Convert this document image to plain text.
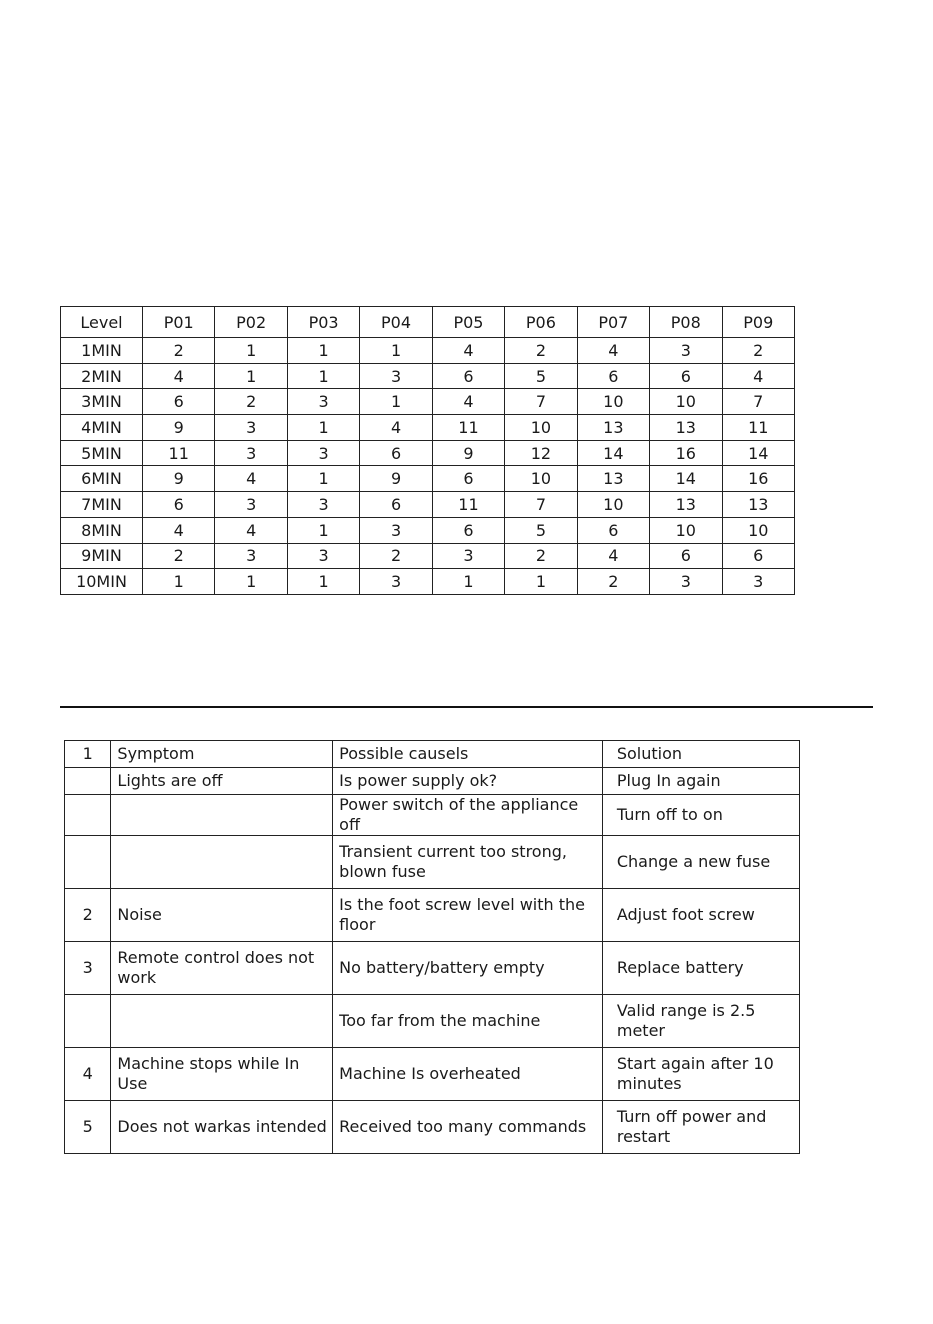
Level	P01	P02	P03	P04	P05	P06	P07	P08	P09
1MIN	2	1	1	1	4	2	4	3	2
2MIN	4	1	1	3	6	5	6	6	4
3MIN	6	2	3	1	4	7	10	10	7
4MIN	9	3	1	4	11	10	13	13	11
5MIN	11	3	3	6	9	12	14	16	14
6MIN	9	4	1	9	6	10	13	14	16
7MIN	6	3	3	6	11	7	10	13	13
8MIN	4	4	1	3	6	5	6	10	10
9MIN	2	3	3	2	3	2	4	6	6
10MIN	1	1	1	3	1	1	2	3	3
1	Symptom	Possible causels	Solution
	Lights are off	Is power supply ok?	Plug In again
		Power switch of the appliance off	Turn off to on
		Transient current too strong, blown fuse	Change a new fuse
2	Noise	Is the foot screw level with the floor	Adjust foot screw
3	Remote control does not work	No battery/battery empty	Replace battery
		Too far from the machine	Valid range is 2.5 meter
4	Machine stops while In Use	Machine Is overheated	Start again after 10 minutes
5	Does not warkas intended	Received too many commands	Turn off power and restart
